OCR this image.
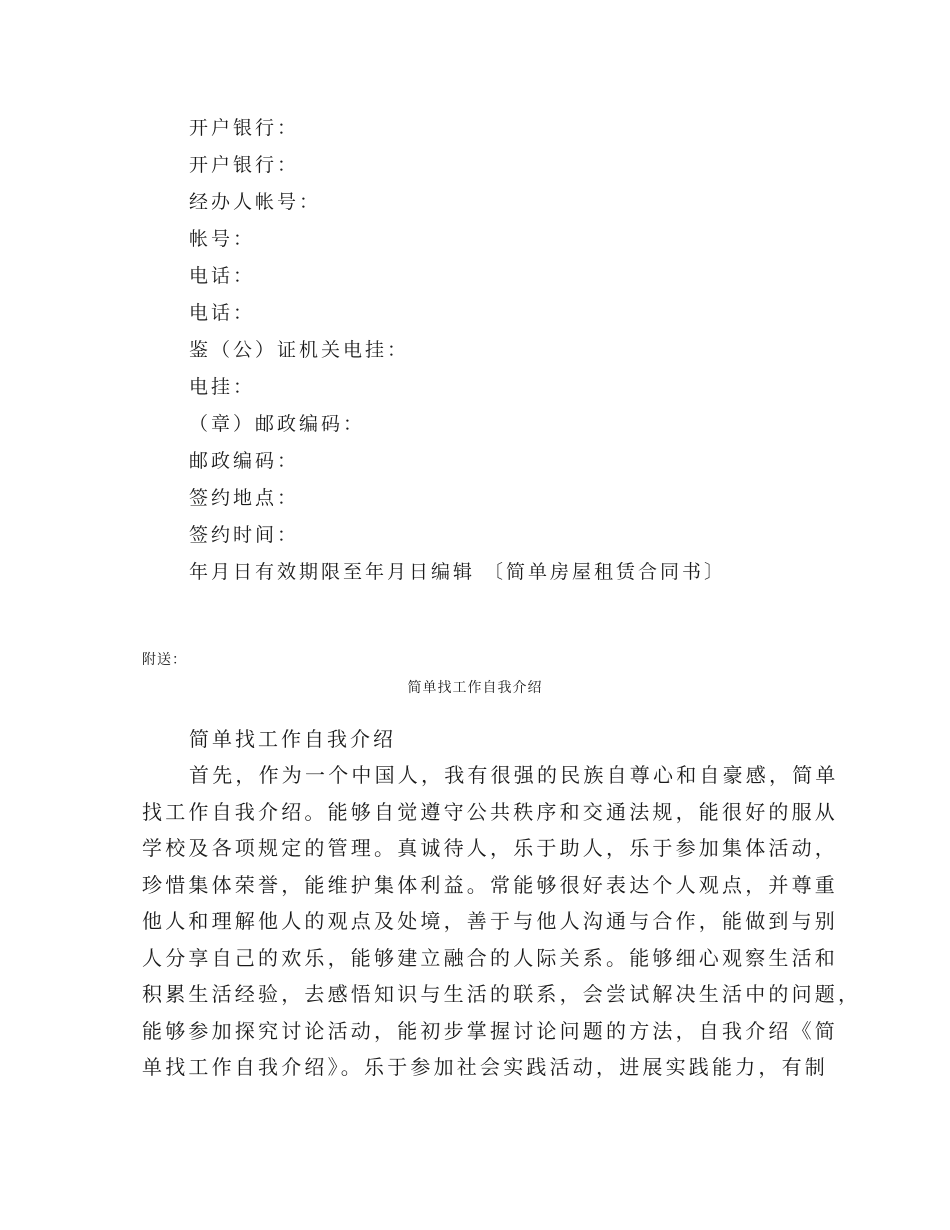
开户银行：
开户银行：
经办人帐号：
帐号：
电话：
电话：
鉴（公）证机关电挂：
电挂：
（章）邮政编码：
邮政编码：
签约地点：
签约时间：
年月日有效期限至年月日编辑 〔简单房屋租赁合同书〕
附送：
简单找工作自我介绍
简单找工作自我介绍
首先，作为一个中国人，我有很强的民族自尊心和自豪感，简单
找工作自我介绍。能够自觉遵守公共秩序和交通法规，能很好的服从
学校及各项规定的管理。真诚待人，乐于助人，乐于参加集体活动，
珍惜集体荣誉，能维护集体利益。常能够很好表达个人观点，并尊重
他人和理解他人的观点及处境，善于与他人沟通与合作，能做到与别
人分享自己的欢乐，能够建立融合的人际关系。能够细心观察生活和
积累生活经验，去感悟知识与生活的联系，会尝试解决生活中的问题，
能够参加探究讨论活动，能初步掌握讨论问题的方法，自我介绍《简
单找工作自我介绍》。乐于参加社会实践活动，进展实践能力，有制
